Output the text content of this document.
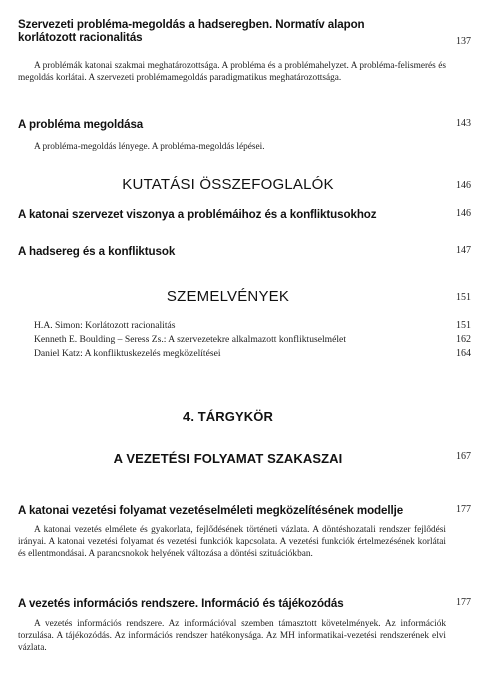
Szervezeti probléma-megoldás a hadseregben. Normatív alapon
korlátozott racionalitás	137
A problémák katonai szakmai meghatározottsága. A probléma és a problémahelyzet. A probléma-felismerés és megoldás korlátai. A szervezeti problémamegoldás paradigmatikus meghatározottsága.
A probléma megoldása	143
A probléma-megoldás lényege. A probléma-megoldás lépései.
KUTATÁSI ÖSSZEFOGLALÓK	146
A katonai szervezet viszonya a problémáihoz és a konfliktusokhoz	146
A hadsereg és a konfliktusok	147
SZEMELVÉNYEK	151
H.A. Simon: Korlátozott racionalitás	151
Kenneth E. Boulding – Seress Zs.: A szervezetekre alkalmazott konfliktuselmélet	162
Daniel Katz: A konfliktuskezelés megközelítései	164
4. TÁRGYKÖR
A VEZETÉSI FOLYAMAT SZAKASZAI	167
A katonai vezetési folyamat vezetéselméleti megközelítésének modellje	177
A katonai vezetés elmélete és gyakorlata, fejlődésének történeti vázlata. A döntéshozatali rendszer fejlődési irányai. A katonai vezetési folyamat és vezetési funkciók kapcsolata. A vezetési funkciók értelmezésének korlátai és ellentmondásai. A parancsnokok helyének változása a döntési szituációkban.
A vezetés információs rendszere. Információ és tájékozódás	177
A vezetés információs rendszere. Az információval szemben támasztott követelmények. Az információk torzulása. A tájékozódás. Az információs rendszer hatékonysága. Az MH informatikai-vezetési rendszerének elvi vázlata.
